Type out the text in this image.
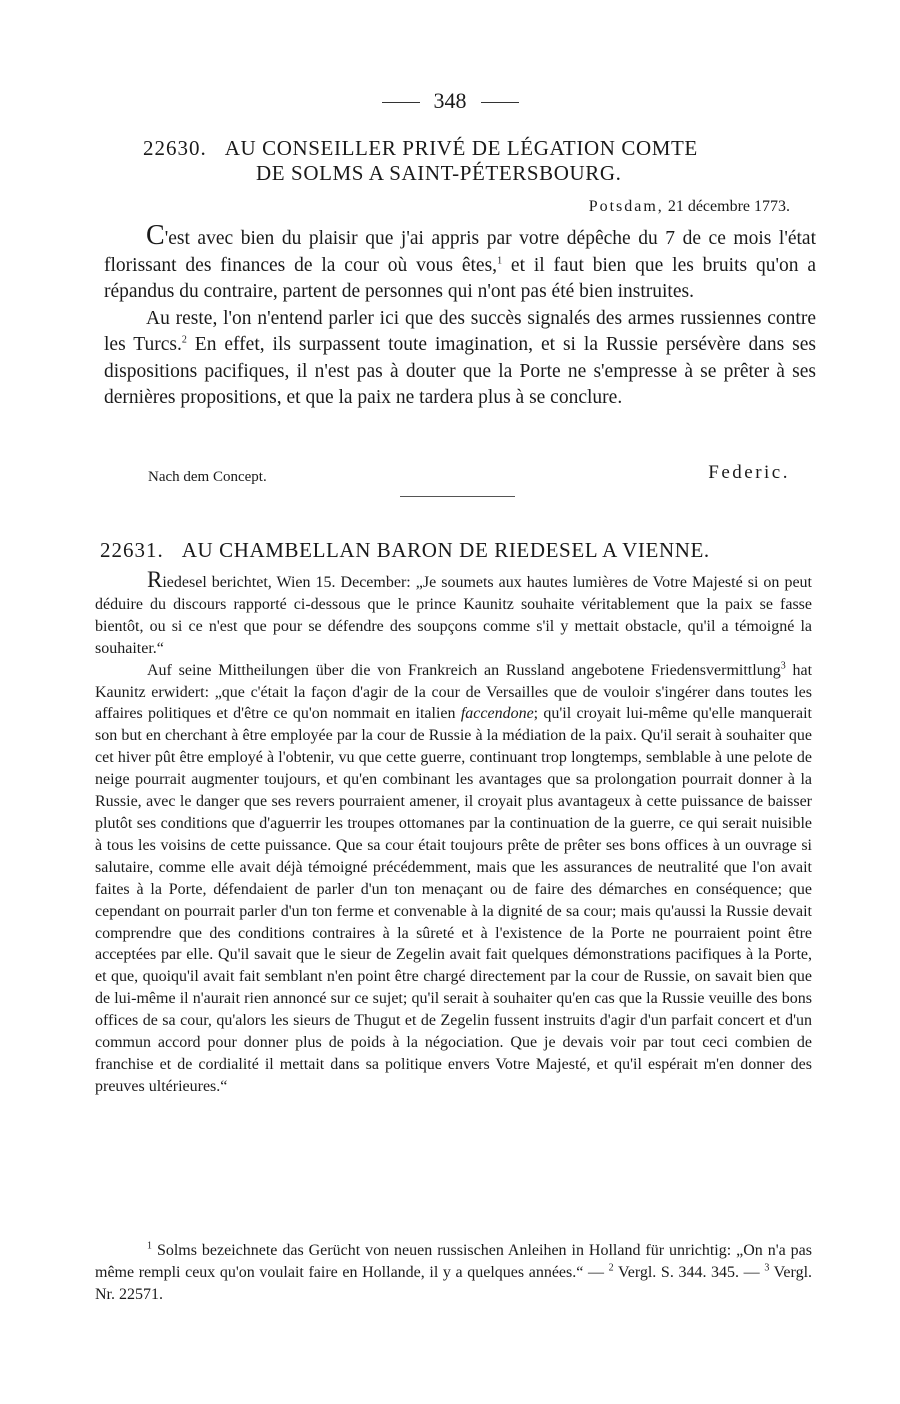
348
22630. AU CONSEILLER PRIVÉ DE LÉGATION COMTE
DE SOLMS A SAINT-PÉTERSBOURG.
Potsdam, 21 décembre 1773.

C'est avec bien du plaisir que j'ai appris par votre dépêche du 7 de ce mois l'état florissant des finances de la cour où vous êtes,$^1$ et il faut bien que les bruits qu'on a répandus du contraire, partent de personnes qui n'ont pas été bien instruites.

Au reste, l'on n'entend parler ici que des succès signalés des armes russiennes contre les Turcs.$^2$ En effet, ils surpassent toute imagination, et si la Russie persévère dans ses dispositions pacifiques, il n'est pas à douter que la Porte ne s'empresse à se prêter à ses dernières propositions, et que la paix ne tardera plus à se conclure.

Nach dem Concept.	Federic.
22631. AU CHAMBELLAN BARON DE RIEDESEL A VIENNE.

Riedesel berichtet, Wien 15. December: „Je soumets aux hautes lumières de Votre Majesté si on peut déduire du discours rapporté ci-dessous que le prince Kaunitz souhaite véritablement que la paix se fasse bientôt, ou si ce n'est que pour se défendre des soupçons comme s'il y mettait obstacle, qu'il a témoigné la souhaiter.“

Auf seine Mittheilungen über die von Frankreich an Russland angebotene Friedensvermittlung$^3$ hat Kaunitz erwidert: „que c'était la façon d'agir de la cour de Versailles que de vouloir s'ingérer dans toutes les affaires politiques et d'être ce qu'on nommait en italien faccendone; qu'il croyait lui-même qu'elle manquerait son but en cherchant à être employée par la cour de Russie à la médiation de la paix. Qu'il serait à souhaiter que cet hiver pût être employé à l'obtenir, vu que cette guerre, continuant trop longtemps, semblable à une pelote de neige pourrait augmenter toujours, et qu'en combinant les avantages que sa prolongation pourrait donner à la Russie, avec le danger que ses revers pourraient amener, il croyait plus avantageux à cette puissance de baisser plutôt ses conditions que d'aguerrir les troupes ottomanes par la continuation de la guerre, ce qui serait nuisible à tous les voisins de cette puissance. Que sa cour était toujours prête de prêter ses bons offices à un ouvrage si salutaire, comme elle avait déjà témoigné précédemment, mais que les assurances de neutralité que l'on avait faites à la Porte, défendaient de parler d'un ton menaçant ou de faire des démarches en conséquence; que cependant on pourrait parler d'un ton ferme et convenable à la dignité de sa cour; mais qu'aussi la Russie devait comprendre que des conditions contraires à la sûreté et à l'existence de la Porte ne pourraient point être acceptées par elle. Qu'il savait que le sieur de Zegelin avait fait quelques démonstrations pacifiques à la Porte, et que, quoiqu'il avait fait semblant n'en point être chargé directement par la cour de Russie, on savait bien que de lui-même il n'aurait rien annoncé sur ce sujet; qu'il serait à souhaiter qu'en cas que la Russie veuille des bons offices de sa cour, qu'alors les sieurs de Thugut et de Zegelin fussent instruits d'agir d'un parfait concert et d'un commun accord pour donner plus de poids à la négociation. Que je devais voir par tout ceci combien de franchise et de cordialité il mettait dans sa politique envers Votre Majesté, et qu'il espérait m'en donner des preuves ultérieures.“

$^1$ Solms bezeichnete das Gerücht von neuen russischen Anleihen in Holland für unrichtig: „On n'a pas même rempli ceux qu'on voulait faire en Hollande, il y a quelques années.“ — $^2$ Vergl. S. 344. 345. — $^3$ Vergl. Nr. 22571.
